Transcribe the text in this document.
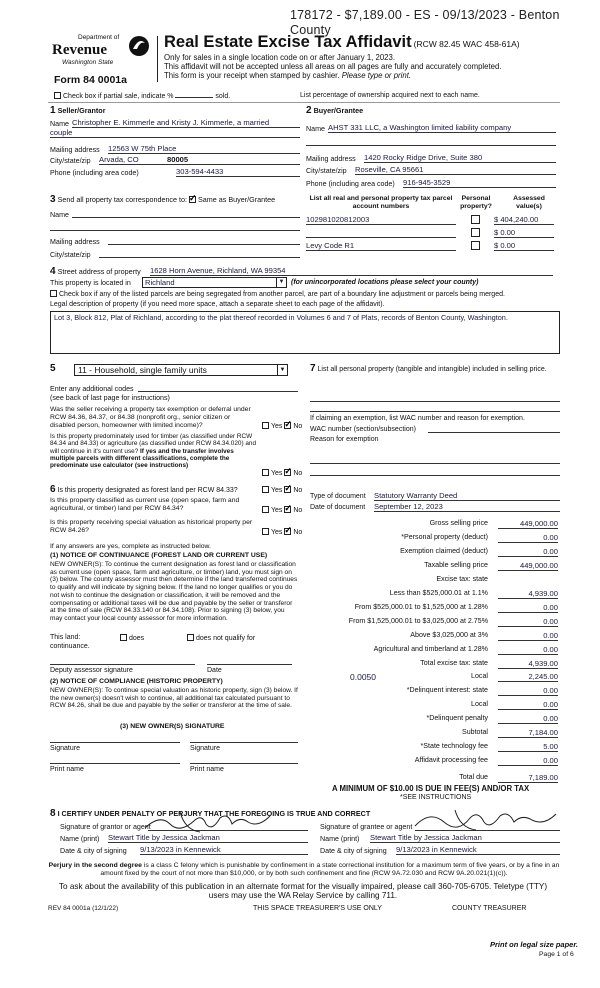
178172 - $7,189.00 - ES - 09/13/2023 - Benton County
Department of
Revenue
Washington State
Form 84 0001a
Real Estate Excise Tax Affidavit (RCW 82.45 WAC 458-61A)
Only for sales in a single location code on or after January 1, 2023.
This affidavit will not be accepted unless all areas on all pages are fully and accurately completed.
This form is your receipt when stamped by cashier. Please type or print.
Check box if partial sale, indicate %	sold.	List percentage of ownership acquired next to each name.
1 Seller/Grantor
Name Christopher E. Kimmerle and Kristy J. Kimmerle, a married
couple
Mailing address 12563 W 75th Place
City/state/zip Arvada, CO	80005
Phone (including area code)	303-594-4433
2 Buyer/Grantee
Name AHST 331 LLC, a Washington limited liability company
Mailing address 1420 Rocky Ridge Drive, Suite 380
City/state/zip Roseville, CA 95661
Phone (including area code) 916-945-3529
3 Send all property tax correspondence to: ✓ Same as Buyer/Grantee
Name
Mailing address
City/state/zip
List all real and personal property tax parcel account numbers
Personal property?
Assessed value(s)
102981020812003	$ 404,240.00
$ 0.00
Levy Code R1	$ 0.00
4 Street address of property 1628 Horn Avenue, Richland, WA 99354
This property is located in	Richland	▼ (for unincorporated locations please select your county)
Check box if any of the listed parcels are being segregated from another parcel, are part of a boundary line adjustment or parcels being merged.
Legal description of property (if you need more space, attach a separate sheet to each page of the affidavit).
Lot 3, Block 812, Plat of Richland, according to the plat thereof recorded in Volumes 6 and 7 of Plats, records of Benton County, Washington.
5	11 - Household, single family units	▼
Enter any additional codes
(see back of last page for instructions)
Was the seller receiving a property tax exemption or deferral under RCW 84.36, 84.37, or 84.38 (nonprofit org., senior citizen or disabled person, homeowner with limited income)?	Yes ✓ No
Is this property predominately used for timber (as classified under RCW 84.34 and 84.33) or agriculture (as classified under RCW 84.34.020) and will continue in it's current use? If yes and the transfer involves multiple parcels with different classifications, complete the predominate use calculator (see instructions)
Yes ✓ No
6 Is this property designated as forest land per RCW 84.33?	Yes ✓ No
Is this property classified as current use (open space, farm and agricultural, or timber) land per RCW 84.34?	Yes ✓ No
Is this property receiving special valuation as historical property per RCW 84.26?	Yes ✓ No
If any answers are yes, complete as instructed below.
(1) NOTICE OF CONTINUANCE (FOREST LAND OR CURRENT USE)
NEW OWNER(S): To continue the current designation as forest land or classification as current use (open space, farm and agriculture, or timber) land, you must sign on (3) below. The county assessor must then determine if the land transferred continues to qualify and will indicate by signing below. If the land no longer qualifies or you do not wish to continue the designation or classification, it will be removed and the compensating or additional taxes will be due and payable by the seller or transferor at the time of sale (RCW 84.33.140 or 84.34.108). Prior to signing (3) below, you may contact your local county assessor for more information.
This land:	does	does not qualify for
continuance.
Deputy assessor signature	Date
(2) NOTICE OF COMPLIANCE (HISTORIC PROPERTY)
NEW OWNER(S): To continue special valuation as historic property, sign (3) below. If the new owner(s) doesn't wish to continue, all additional tax calculated pursuant to RCW 84.26, shall be due and payable by the seller or transferor at the time of sale.
(3) NEW OWNER(S) SIGNATURE
Signature	Signature
Print name	Print name
7 List all personal property (tangible and intangible) included in selling price.
If claiming an exemption, list WAC number and reason for exemption.
WAC number (section/subsection)
Reason for exemption
Type of document Statutory Warranty Deed
Date of document September 12, 2023
Gross selling price	449,000.00
*Personal property (deduct)	0.00
Exemption claimed (deduct)	0.00
Taxable selling price	449,000.00
Excise tax: state
Less than $525,000.01 at 1.1%	4,939.00
From $525,000.01 to $1,525,000 at 1.28%	0.00
From $1,525,000.01 to $3,025,000 at 2.75%	0.00
Above $3,025,000 at 3%	0.00
Agricultural and timberland at 1.28%	0.00
Total excise tax: state	4,939.00
0.0050	Local	2,245.00
*Delinquent interest: state	0.00
Local	0.00
*Delinquent penalty	0.00
Subtotal	7,184.00
*State technology fee	5.00
Affidavit processing fee	0.00
Total due	7,189.00
A MINIMUM OF $10.00 IS DUE IN FEE(S) AND/OR TAX
*SEE INSTRUCTIONS
8 I CERTIFY UNDER PENALTY OF PERJURY THAT THE FOREGOING IS TRUE AND CORRECT
Signature of grantor or agent
Name (print) Stewart Title by Jessica Jackman
Date & city of signing 9/13/2023 in Kennewick
Signature of grantee or agent
Name (print) Stewart Title by Jessica Jackman
Date & city of signing 9/13/2023 in Kennewick
Perjury in the second degree is a class C felony which is punishable by confinement in a state correctional institution for a maximum term of five years, or by a fine in an amount fixed by the court of not more than $10,000, or by both such confinement and fine (RCW 9A.72.030 and RCW 9A.20.021(1)(c)).
To ask about the availability of this publication in an alternate format for the visually impaired, please call 360-705-6705. Teletype (TTY) users may use the WA Relay Service by calling 711.
REV 84 0001a (12/1/22)	THIS SPACE TREASURER'S USE ONLY	COUNTY TREASURER
Print on legal size paper.
Page 1 of 6
